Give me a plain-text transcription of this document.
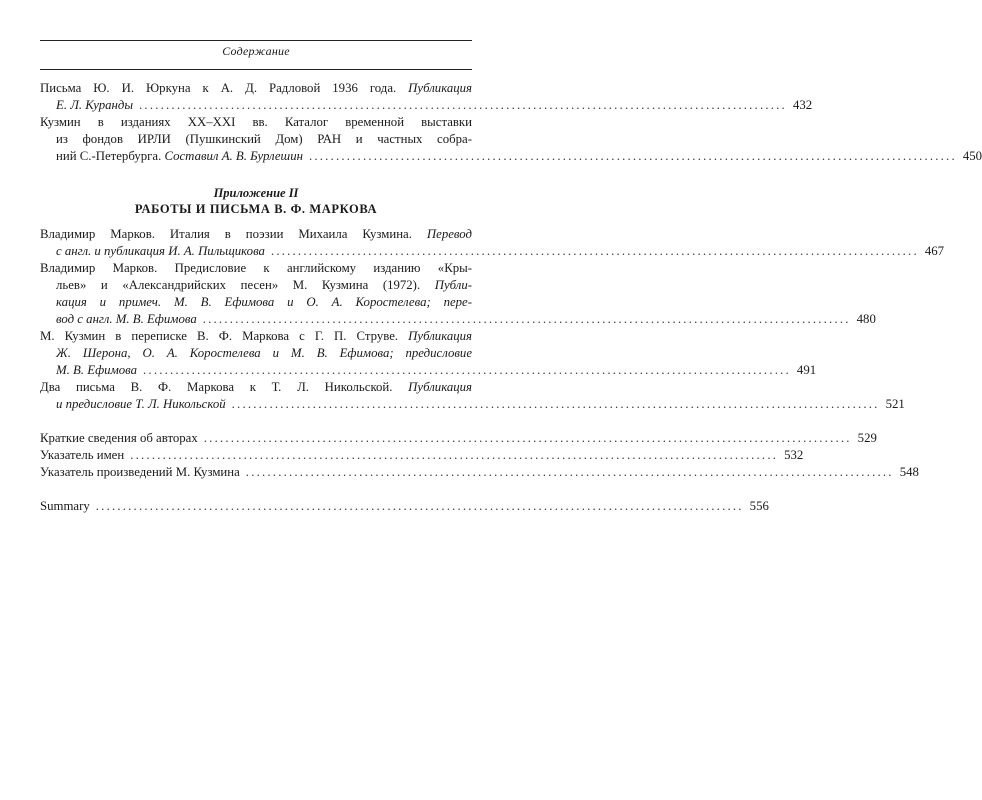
Содержание
Письма Ю. И. Юркуна к А. Д. Радловой 1936 года. Публикация
Е. Л. Куранды ........................................................................................................................ 432
Кузмин в изданиях XX–XXI вв. Каталог временной выставки
из фондов ИРЛИ (Пушкинский Дом) РАН и частных собра-
ний С.-Петербурга. Составил А. В. Бурлешин ........................................................................................................................ 450
Приложение II
РАБОТЫ И ПИСЬМА В. Ф. МАРКОВА
Владимир Марков. Италия в поэзии Михаила Кузмина. Перевод
с англ. и публикация И. А. Пильщикова ........................................................................................................................ 467
Владимир Марков. Предисловие к английскому изданию «Кры-
льев» и «Александрийских песен» М. Кузмина (1972). Публи-
кация и примеч. М. В. Ефимова и О. А. Коростелева; пере-
вод с англ. М. В. Ефимова ........................................................................................................................ 480
М. Кузмин в переписке В. Ф. Маркова с Г. П. Струве. Публикация
Ж. Шерона, О. А. Коростелева и М. В. Ефимова; предисловие
М. В. Ефимова ........................................................................................................................ 491
Два письма В. Ф. Маркова к Т. Л. Никольской. Публикация
и предисловие Т. Л. Никольской ........................................................................................................................ 521
Краткие сведения об авторах ........................................................................................................................ 529
Указатель имен ........................................................................................................................ 532
Указатель произведений М. Кузмина ........................................................................................................................ 548
Summary ........................................................................................................................ 556
